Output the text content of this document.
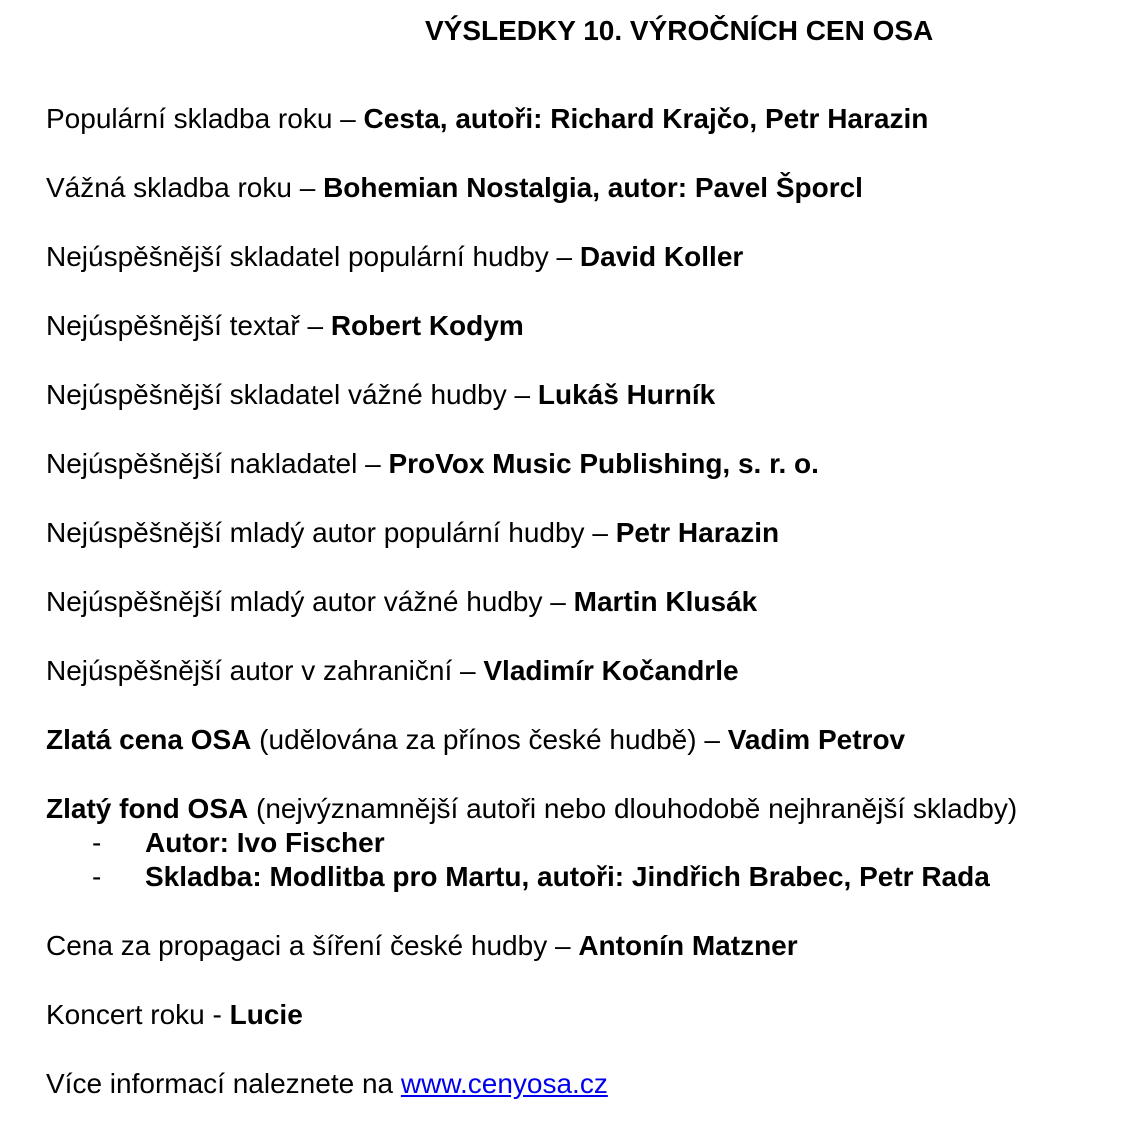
VÝSLEDKY 10. VÝROČNÍCH CEN OSA

Populární skladba roku – Cesta, autoři: Richard Krajčo, Petr Harazin

Vážná skladba roku – Bohemian Nostalgia, autor: Pavel Šporcl

Nejúspěšnější skladatel populární hudby – David Koller

Nejúspěšnější textař – Robert Kodym

Nejúspěšnější skladatel vážné hudby – Lukáš Hurník

Nejúspěšnější nakladatel – ProVox Music Publishing, s. r. o.

Nejúspěšnější mladý autor populární hudby – Petr Harazin

Nejúspěšnější mladý autor vážné hudby – Martin Klusák

Nejúspěšnější autor v zahraniční – Vladimír Kočandrle

Zlatá cena OSA (udělována za přínos české hudbě) – Vadim Petrov

Zlatý fond OSA (nejvýznamnější autoři nebo dlouhodobě nejhranější skladby)

- Autor: Ivo Fischer
- Skladba: Modlitba pro Martu, autoři: Jindřich Brabec, Petr Rada

Cena za propagaci a šíření české hudby – Antonín Matzner

Koncert roku - Lucie

Více informací naleznete na www.cenyosa.cz
